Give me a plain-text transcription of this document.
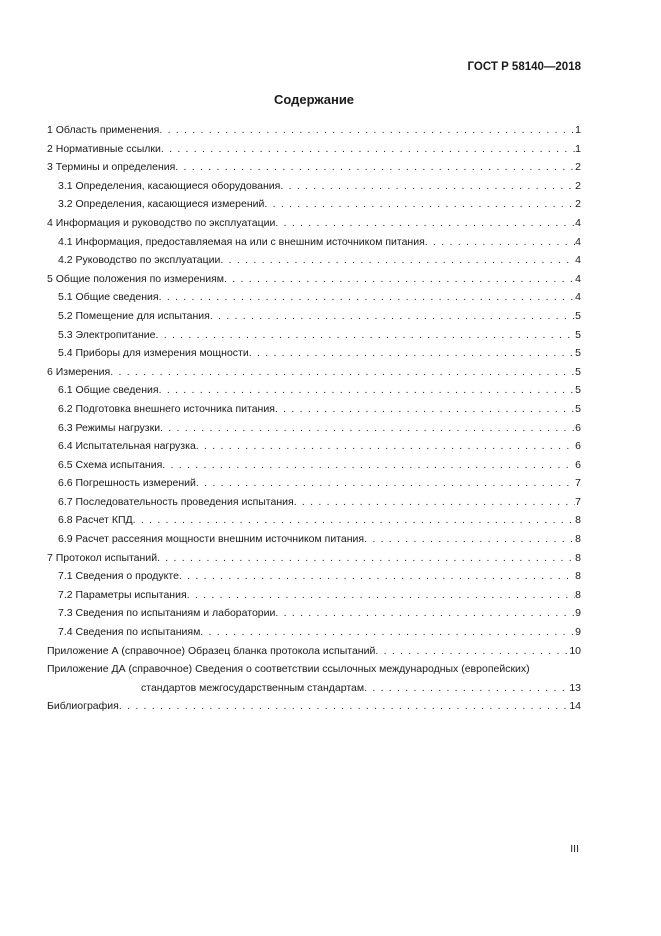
ГОСТ Р 58140—2018
Содержание
1 Область применения . . .	1
2 Нормативные ссылки . . .	1
3 Термины и определения . . .	2
3.1 Определения, касающиеся оборудования . . .	2
3.2 Определения, касающиеся измерений . . .	2
4 Информация и руководство по эксплуатации . . .	4
4.1 Информация, предоставляемая на или с внешним источником питания . . .	4
4.2 Руководство по эксплуатации . . .	4
5 Общие положения по измерениям . . .	4
5.1 Общие сведения . . .	4
5.2 Помещение для испытания . . .	5
5.3 Электропитание . . .	5
5.4 Приборы для измерения мощности . . .	5
6 Измерения . . .	5
6.1 Общие сведения . . .	5
6.2 Подготовка внешнего источника питания . . .	5
6.3 Режимы нагрузки . . .	6
6.4 Испытательная нагрузка . . .	6
6.5 Схема испытания . . .	6
6.6 Погрешность измерений . . .	7
6.7 Последовательность проведения испытания . . .	7
6.8 Расчет КПД . . .	8
6.9 Расчет рассеяния мощности внешним источником питания . . .	8
7 Протокол испытаний . . .	8
7.1 Сведения о продукте . . .	8
7.2 Параметры испытания . . .	8
7.3 Сведения по испытаниям и лаборатории . . .	9
7.4 Сведения по испытаниям . . .	9
Приложение А (справочное) Образец бланка протокола испытаний . . .	10
Приложение ДА (справочное) Сведения о соответствии ссылочных международных (европейских)
стандартов межгосударственным стандартам . . .	13
Библиография . . .	14
III
